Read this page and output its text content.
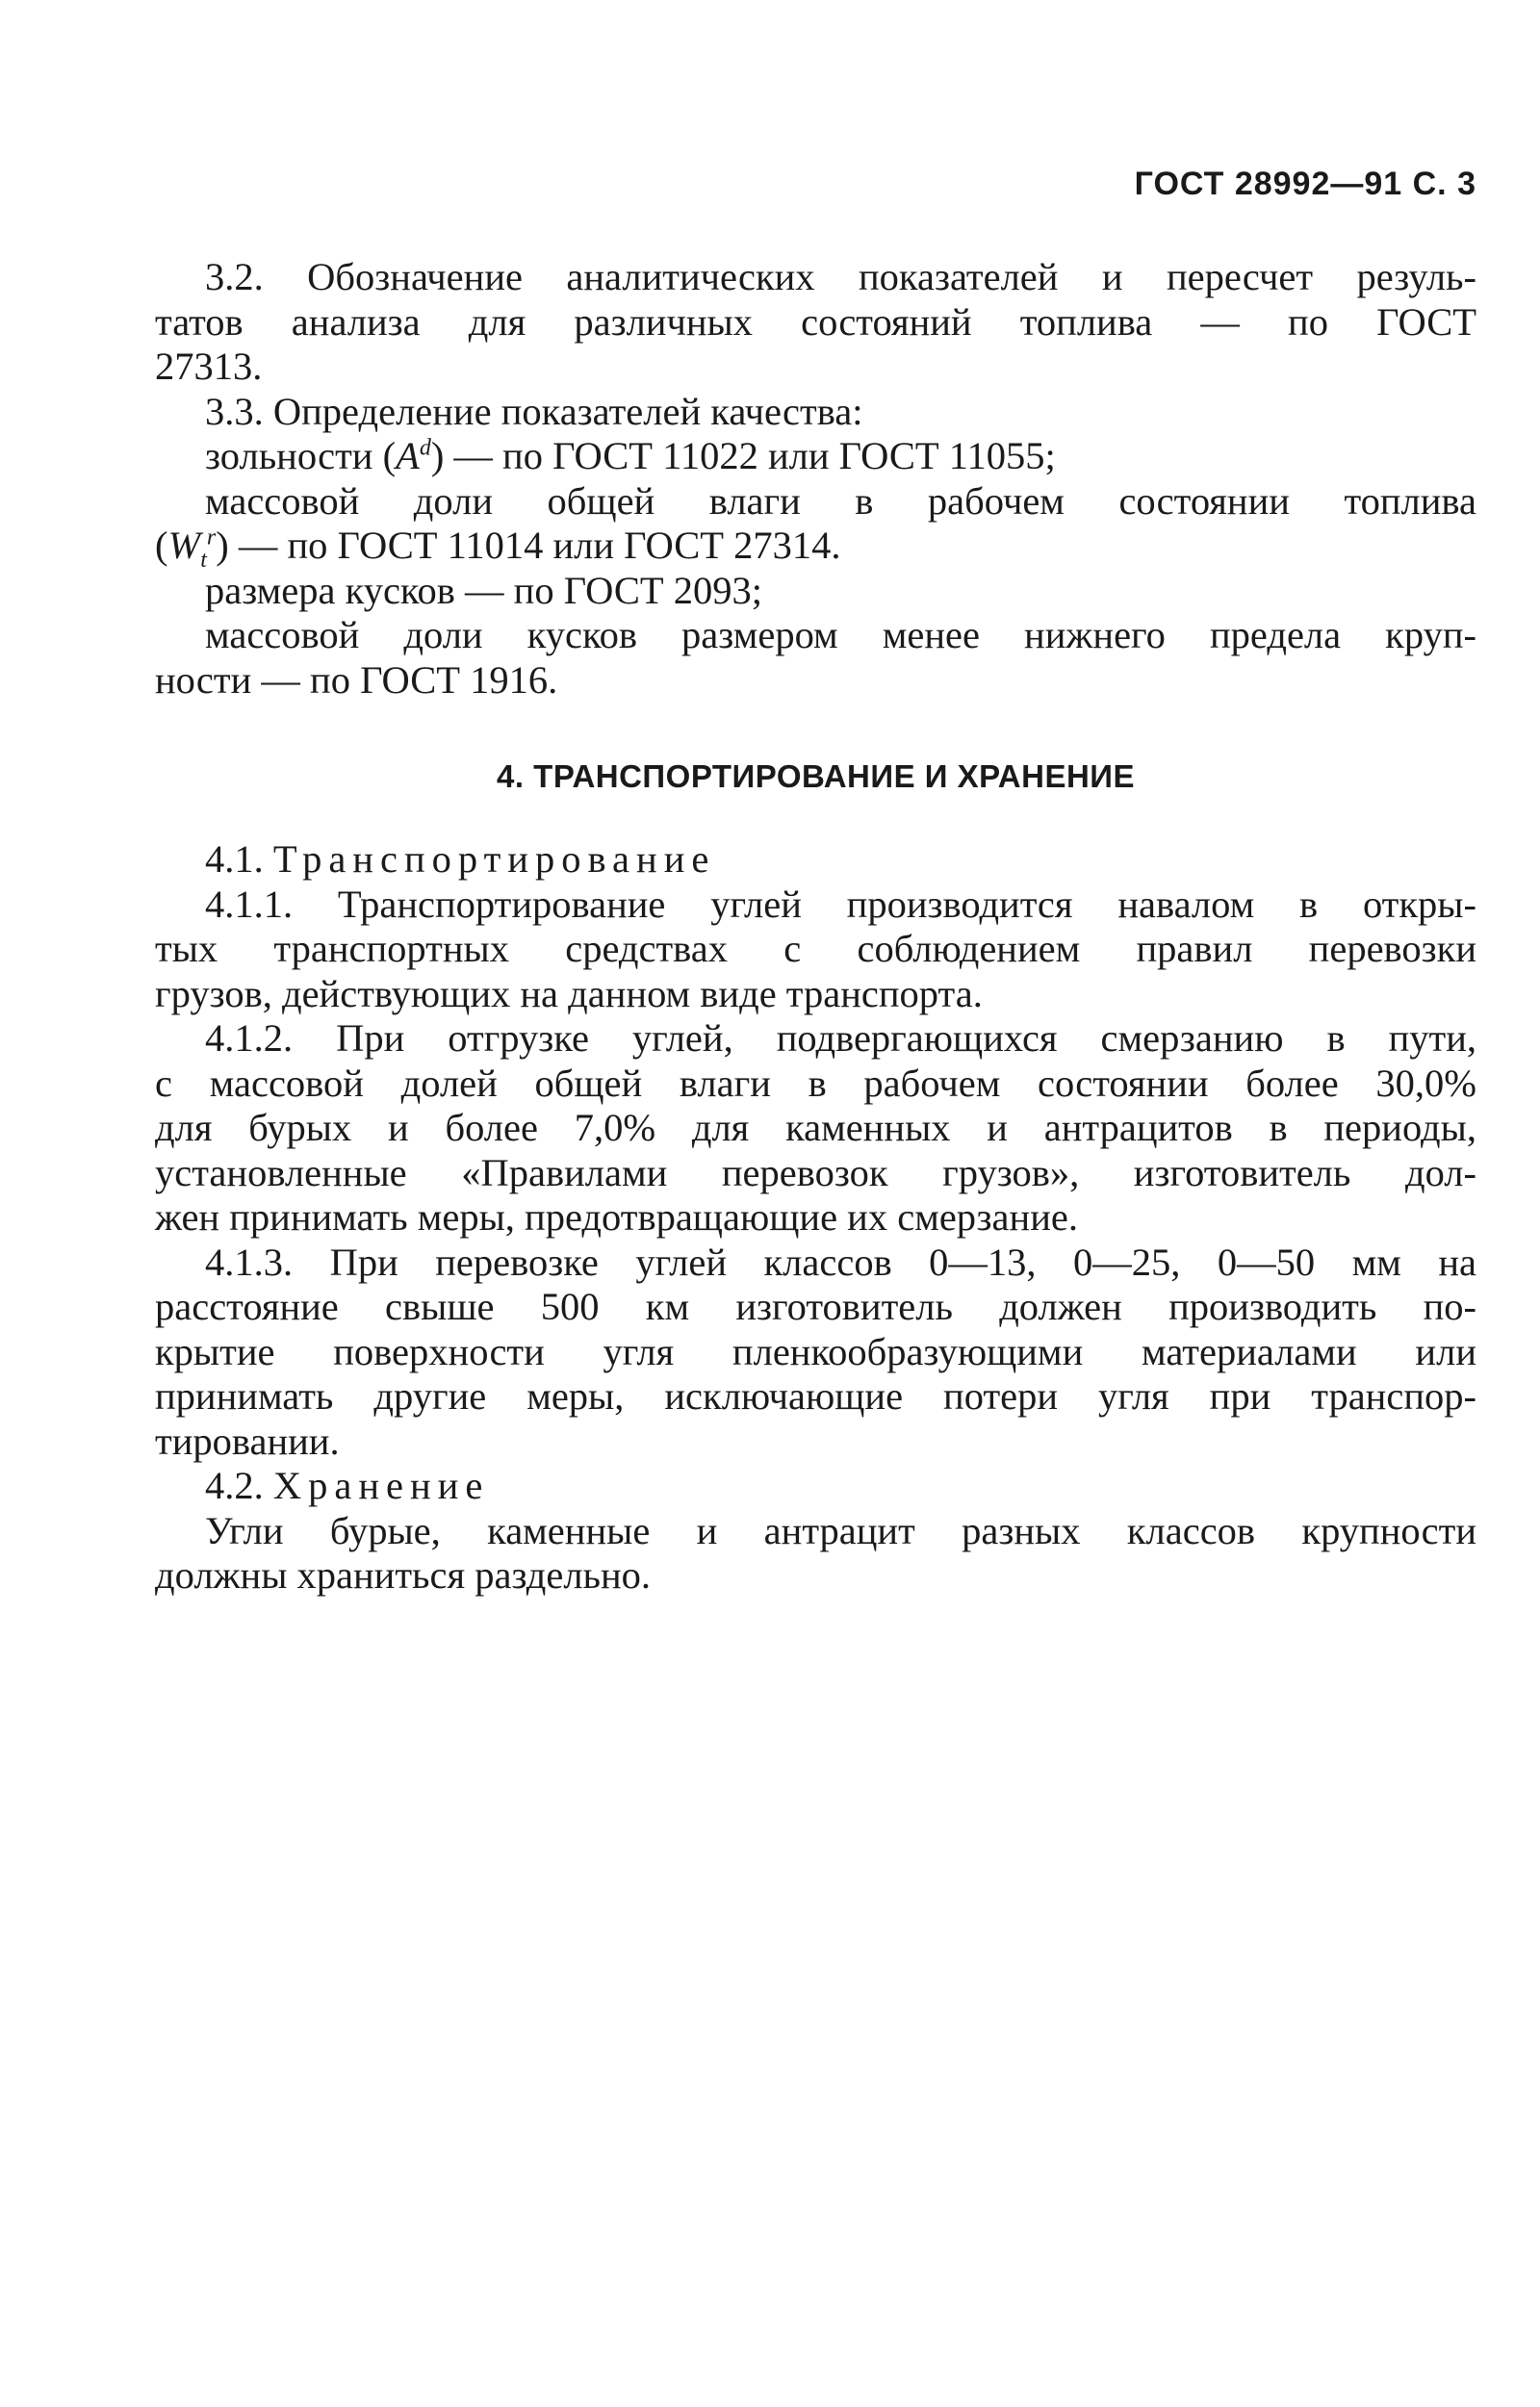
ГОСТ 28992—91 С. 3
3.2. Обозначение аналитических показателей и пересчет резуль-
татов анализа для различных состояний топлива — по ГОСТ
27313.
3.3. Определение показателей качества:
зольности $(A^d)$ — по ГОСТ 11022 или ГОСТ 11055;
массовой доли общей влаги в рабочем состоянии топлива
$(W_t^r)$ — по ГОСТ 11014 или ГОСТ 27314.
размера кусков — по ГОСТ 2093;
массовой доли кусков размером менее нижнего предела круп-
ности — по ГОСТ 1916.
4. ТРАНСПОРТИРОВАНИЕ И ХРАНЕНИЕ
4.1. Транспортирование
4.1.1. Транспортирование углей производится навалом в откры-
тых транспортных средствах с соблюдением правил перевозки
грузов, действующих на данном виде транспорта.
4.1.2. При отгрузке углей, подвергающихся смерзанию в пути,
с массовой долей общей влаги в рабочем состоянии более 30,0%
для бурых и более 7,0% для каменных и антрацитов в периоды,
установленные «Правилами перевозок грузов», изготовитель дол-
жен принимать меры, предотвращающие их смерзание.
4.1.3. При перевозке углей классов 0—13, 0—25, 0—50 мм на
расстояние свыше 500 км изготовитель должен производить по-
крытие поверхности угля пленкообразующими материалами или
принимать другие меры, исключающие потери угля при транспор-
тировании.
4.2. Хранение
Угли бурые, каменные и антрацит разных классов крупности
должны храниться раздельно.
